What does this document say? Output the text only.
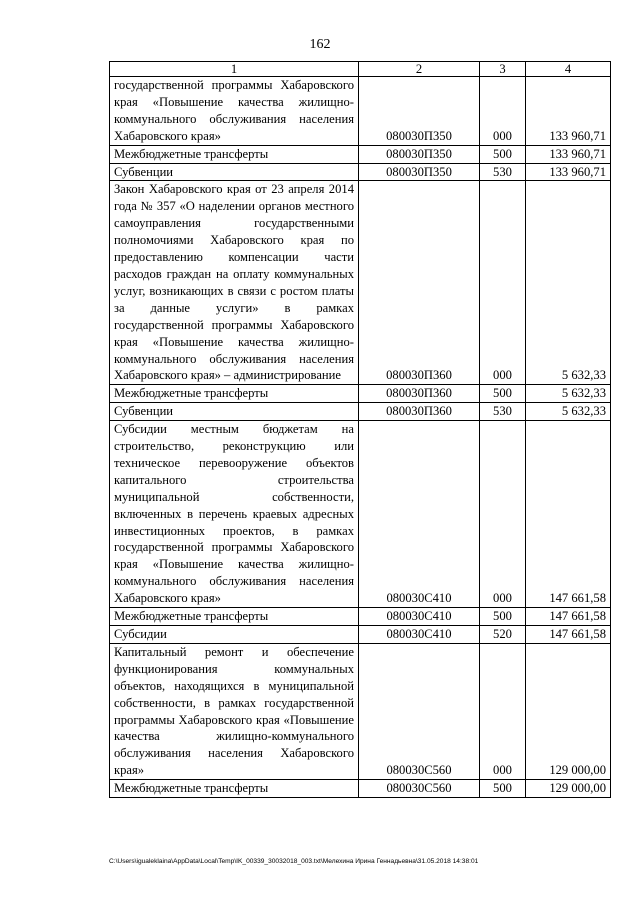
162
1	2	3	4
государственной программы Хабаровского края «Повышение качества жилищно-коммунального обслуживания населения Хабаровского края»	080030П350	000	133 960,71
Межбюджетные трансферты	080030П350	500	133 960,71
Субвенции	080030П350	530	133 960,71
Закон Хабаровского края от 23 апреля 2014 года № 357 «О наделении органов местного самоуправления государственными полномочиями Хабаровского края по предоставлению компенсации части расходов граждан на оплату коммунальных услуг, возникающих в связи с ростом платы за данные услуги» в рамках государственной программы Хабаровского края «Повышение качества жилищно-коммунального обслуживания населения Хабаровского края» – администрирование	080030П360	000	5 632,33
Межбюджетные трансферты	080030П360	500	5 632,33
Субвенции	080030П360	530	5 632,33
Субсидии местным бюджетам на строительство, реконструкцию или техническое перевооружение объектов капитального строительства муниципальной собственности, включенных в перечень краевых адресных инвестиционных проектов, в рамках государственной программы Хабаровского края «Повышение качества жилищно-коммунального обслуживания населения Хабаровского края»	080030С410	000	147 661,58
Межбюджетные трансферты	080030С410	500	147 661,58
Субсидии	080030С410	520	147 661,58
Капитальный ремонт и обеспечение функционирования коммунальных объектов, находящихся в муниципальной собственности, в рамках государственной программы Хабаровского края «Повышение качества жилищно-коммунального обслуживания населения Хабаровского края»	080030С560	000	129 000,00
Межбюджетные трансферты	080030С560	500	129 000,00
C:\Users\igualeklaina\AppData\Local\Temp\IK_00339_30032018_003.txt\Мелехина Ирина Геннадьевна\31.05.2018 14:38:01
